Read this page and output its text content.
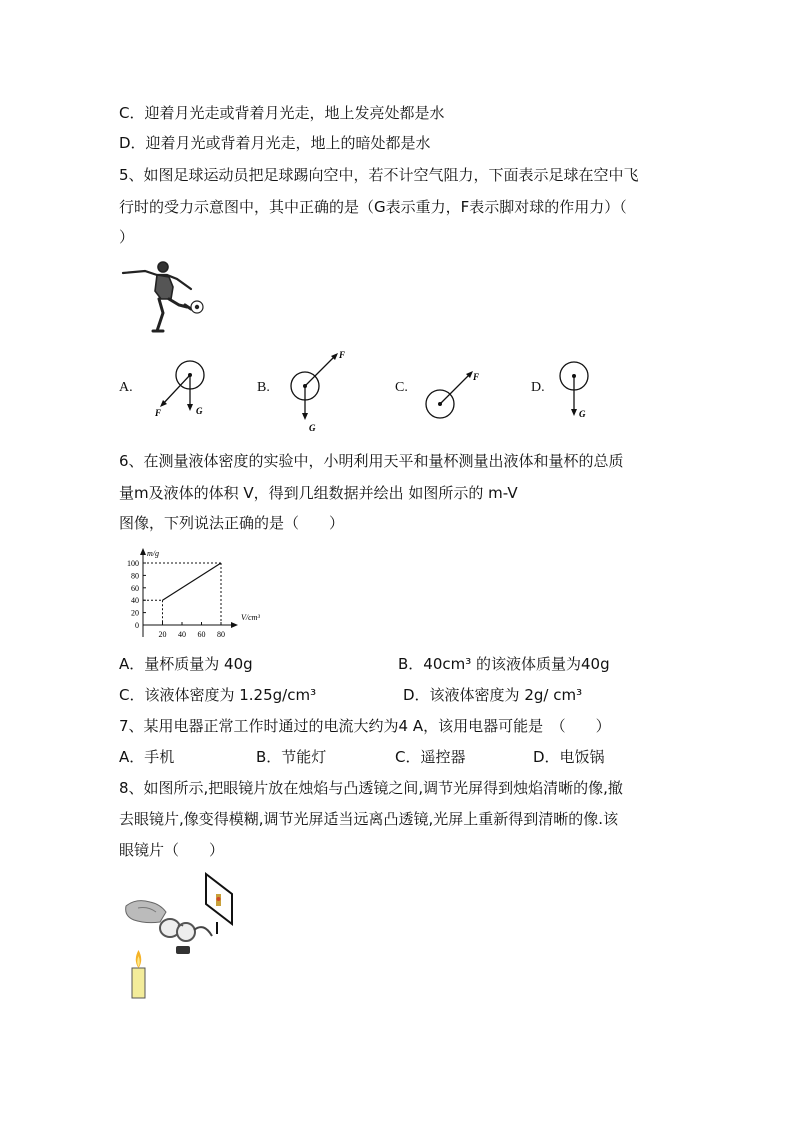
C．迎着月光走或背着月光走，地上发亮处都是水
D．迎着月光或背着月光走，地上的暗处都是水
5、如图足球运动员把足球踢向空中，若不计空气阻力，下面表示足球在空中飞
行时的受力示意图中，其中正确的是（G表示重力，F表示脚对球的作用力）（
）
A.
F	G
B.
F
G
C.
F
D.
G
6、在测量液体密度的实验中，小明利用天平和量杯测量出液体和量杯的总质
量m及液体的体积 V，得到几组数据并绘出 如图所示的 m-V
图像，下列说法正确的是（　　）
m/g
V/cm³
100
80
60
40
20
0
20 40 60 80
A．量杯质量为 40g	B．40cm³ 的该液体质量为40g
C．该液体密度为 1.25g/cm³	D．该液体密度为 2g/ cm³
7、某用电器正常工作时通过的电流大约为4 A，该用电器可能是　（　　）
A．手机	B．节能灯	C．遥控器	D．电饭锅
8、如图所示,把眼镜片放在烛焰与凸透镜之间,调节光屏得到烛焰清晰的像,撤
去眼镜片,像变得模糊,调节光屏适当远离凸透镜,光屏上重新得到清晰的像.该
眼镜片（　　）
